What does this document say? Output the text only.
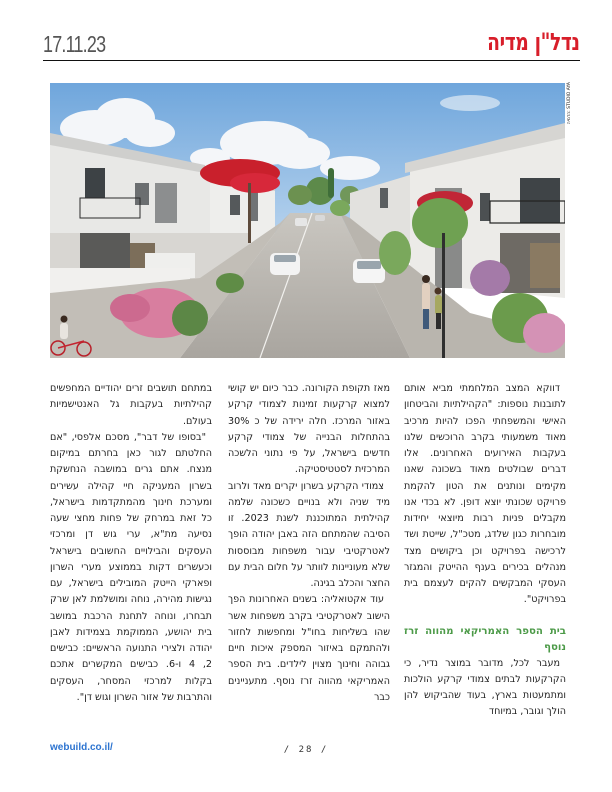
17.11.23	נדל"ן מדיה
הדמיה: STUDIO AYA

דווקא המצב המלחמתי מביא אותם לתובנות נוספות: "הקהילתיות והביטחון האישי והמשפחתי הפכו להיות מרכיב מאוד משמעותי בקרב הרוכשים שלנו בעקבות האירועים האחרונים. אלו דברים שבולטים מאוד בשכונה שאנו מקימים ונותנים את הטון להקמת פרויקט שכונתי יוצא דופן. לא בכדי אנו מקבלים פניות רבות מיוצאי יחידות מובחרות כגון שלדג, מטכ"ל, שייטת ושד לרכישה בפרויקט וכן ביקושים מצד מנהלים בכירים בענף ההייטק והמגזר העסקי המבקשים להקים לעצמם בית בפרויקט".

בית הספר האמריקאי מהווה זרז נוסף

מעבר לכל, מדובר במוצר נדיר, כי הקרקעות לבתים צמודי קרקע הולכות ומתמעטות בארץ, בעוד שהביקוש להן הולך וגובר, במיוחד

מאז תקופת הקורונה. כבר כיום יש קושי למצוא קרקעות זמינות לצמודי קרקע באזור המרכז. חלה ירידה של כ 30% בהתחלות הבנייה של צמודי קרקע חדשים בישראל, על פי נתוני הלשכה המרכזית לסטטיסטיקה.

צמודי הקרקע בשרון יקרים מאד ולרוב מיד שניה ולא בנויים כשכונה שלמה קהילתית המתוכננת לשנת 2023. זו הסיבה שהמתחם הזה באבן יהודה הופך לאטרקטיבי עבור משפחות מבוססות שלא מעוניינות לוותר על חלום הבית עם החצר והכלב בגינה.

עוד אקטואליה: בשנים האחרונות הפך הישוב לאטרקטיבי בקרב משפחות אשר שהו בשליחות בחו"ל ומחפשות לחזור ולהתמקם באיזור המספק איכות חיים גבוהה וחינוך מצוין לילדים. בית הספר האמריקאי מהווה זרז נוסף. מתעניינים כבר

במתחם תושבים זרים יהודיים המחפשים קהילתיות בעקבות גל האנטישמיות בעולם.

"בסופו של דבר", מסכם אלפסי, "אם החלטתם לגור כאן בחרתם במיקום מנצח. אתם גרים במושבה הנחשקת בשרון המעניקה חיי קהילה עשירים ומערכת חינוך מהמתקדמות בישראל, כל זאת במרחק של פחות מחצי שעה נסיעה מת"א, ערי גוש דן ומרכזי העסקים והבילויים החשובים בישראל וכעשרים דקות בממוצע מערי השרון ופארקי הייטק המובילים בישראל, עם נגישות מהירה, נוחה ומושלמת לאן שרק תבחרו, ונוחה לתחנת הרכבת במושב בית יהושע, הממוקמת בצמידות לאבן יהודה ולצירי התנועה הראשיים: כבישים 2, 4 ו-6. כבישים המקשרים אתכם בקלות למרכזי המסחר, העסקים והתרבות של אזור השרון וגוש דן".

/ 28 /
webuild.co.il/
